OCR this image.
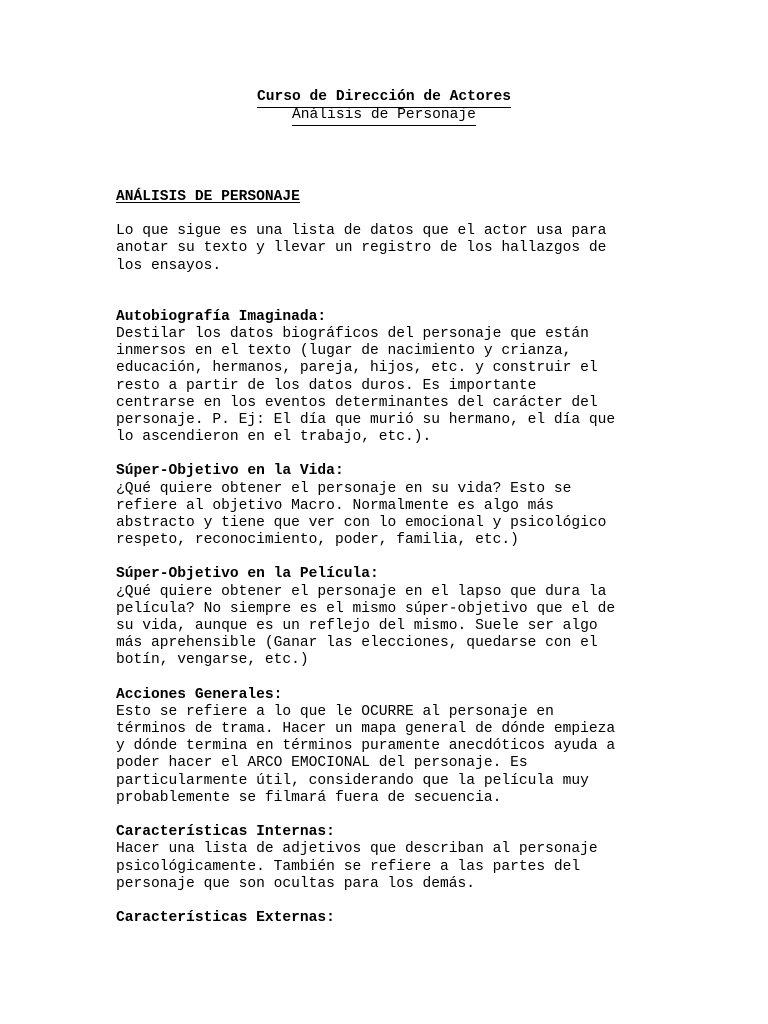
Curso de Dirección de Actores
Análisis de Personaje
ANÁLISIS DE PERSONAJE
Lo que sigue es una lista de datos que el actor usa para
anotar su texto y llevar un registro de los hallazgos de
los ensayos.
Autobiografía Imaginada:
Destilar los datos biográficos del personaje que están
inmersos en el texto (lugar de nacimiento y crianza,
educación, hermanos, pareja, hijos, etc. y construir el
resto a partir de los datos duros. Es importante
centrarse en los eventos determinantes del carácter del
personaje. P. Ej: El día que murió su hermano, el día que
lo ascendieron en el trabajo, etc.).
Súper-Objetivo en la Vida:
¿Qué quiere obtener el personaje en su vida? Esto se
refiere al objetivo Macro. Normalmente es algo más
abstracto y tiene que ver con lo emocional y psicológico
respeto, reconocimiento, poder, familia, etc.)
Súper-Objetivo en la Película:
¿Qué quiere obtener el personaje en el lapso que dura la
película? No siempre es el mismo súper-objetivo que el de
su vida, aunque es un reflejo del mismo. Suele ser algo
más aprehensible (Ganar las elecciones, quedarse con el
botín, vengarse, etc.)
Acciones Generales:
Esto se refiere a lo que le OCURRE al personaje en
términos de trama. Hacer un mapa general de dónde empieza
y dónde termina en términos puramente anecdóticos ayuda a
poder hacer el ARCO EMOCIONAL del personaje. Es
particularmente útil, considerando que la película muy
probablemente se filmará fuera de secuencia.
Características Internas:
Hacer una lista de adjetivos que describan al personaje
psicológicamente. También se refiere a las partes del
personaje que son ocultas para los demás.
Características Externas:
